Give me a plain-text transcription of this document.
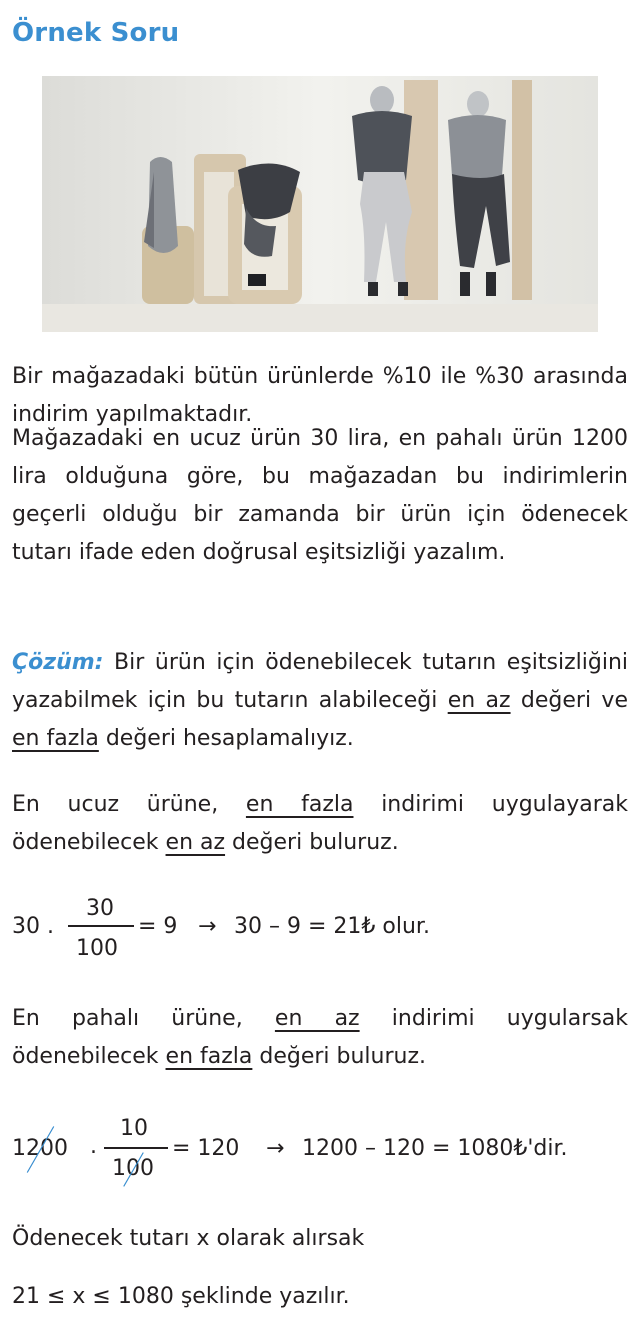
Örnek Soru

Bir mağazadaki bütün ürünlerde %10 ile %30 arasında indirim yapılmaktadır.

Mağazadaki en ucuz ürün 30 lira, en pahalı ürün 1200 lira olduğuna göre, bu mağazadan bu indirimlerin geçerli olduğu bir zamanda bir ürün için ödenecek tutarı ifade eden doğrusal eşitsizliği yazalım.

Çözüm: Bir ürün için ödenebilecek tutarın eşitsizliğini yazabilmek için bu tutarın alabileceği en az değeri ve en fazla değeri hesaplamalıyız.

En ucuz ürüne, en fazla indirimi uygulayarak ödenebilecek en az değeri buluruz.

30 .
30
100
= 9 → 30 – 9 = 21₺ olur.

En pahalı ürüne, en az indirimi uygularsak ödenebilecek en fazla değeri buluruz.

1200 .
10
100
= 120 → 1200 – 120 = 1080₺'dir.

Ödenecek tutarı x olarak alırsak

21 ≤ x ≤ 1080 şeklinde yazılır.
